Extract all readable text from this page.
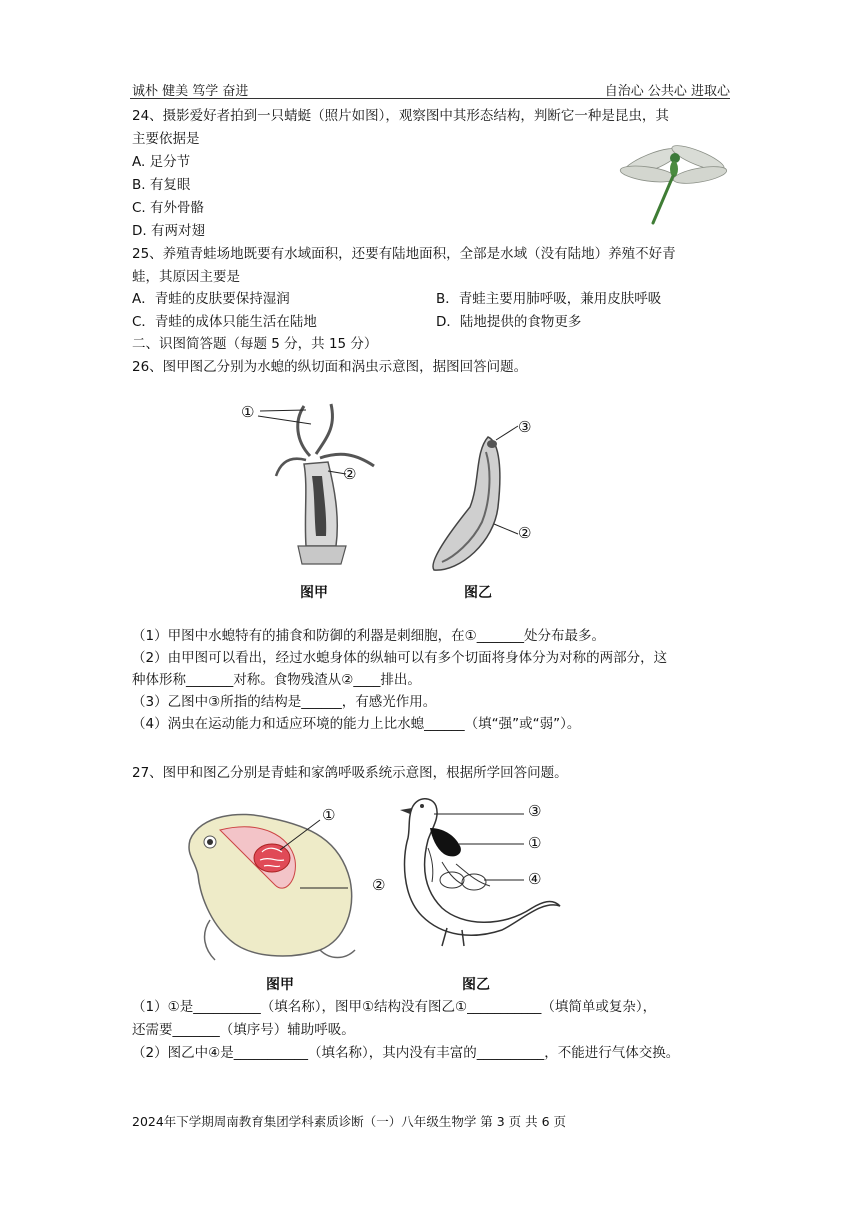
诚朴 健美 笃学 奋进	自治心 公共心 进取心
24、摄影爱好者拍到一只蜻蜓（照片如图），观察图中其形态结构，判断它一种是昆虫，其
主要依据是
A. 足分节
B. 有复眼
C. 有外骨骼
D. 有两对翅
25、养殖青蛙场地既要有水域面积，还要有陆地面积，全部是水域（没有陆地）养殖不好青
蛙，其原因主要是
A．青蛙的皮肤要保持湿润	B．青蛙主要用肺呼吸，兼用皮肤呼吸
C．青蛙的成体只能生活在陆地	D．陆地提供的食物更多
二、识图简答题（每题 5 分，共 15 分）
26、图甲图乙分别为水螅的纵切面和涡虫示意图，据图回答问题。
①
②
图甲
③
②
图乙
（1）甲图中水螅特有的捕食和防御的利器是刺细胞，在①_______处分布最多。
（2）由甲图可以看出，经过水螅身体的纵轴可以有多个切面将身体分为对称的两部分，这
种体形称_______对称。食物残渣从②____排出。
（3）乙图中③所指的结构是______，有感光作用。
（4）涡虫在运动能力和适应环境的能力上比水螅______（填“强”或“弱”）。
27、图甲和图乙分别是青蛙和家鸽呼吸系统示意图，根据所学回答问题。
①
②
图甲
③
①
④
图乙
（1）①是__________（填名称），图甲①结构没有图乙①___________（填简单或复杂），
还需要_______（填序号）辅助呼吸。
（2）图乙中④是___________（填名称），其内没有丰富的__________，不能进行气体交换。
2024年下学期周南教育集团学科素质诊断（一）八年级生物学 第 3 页 共 6 页
